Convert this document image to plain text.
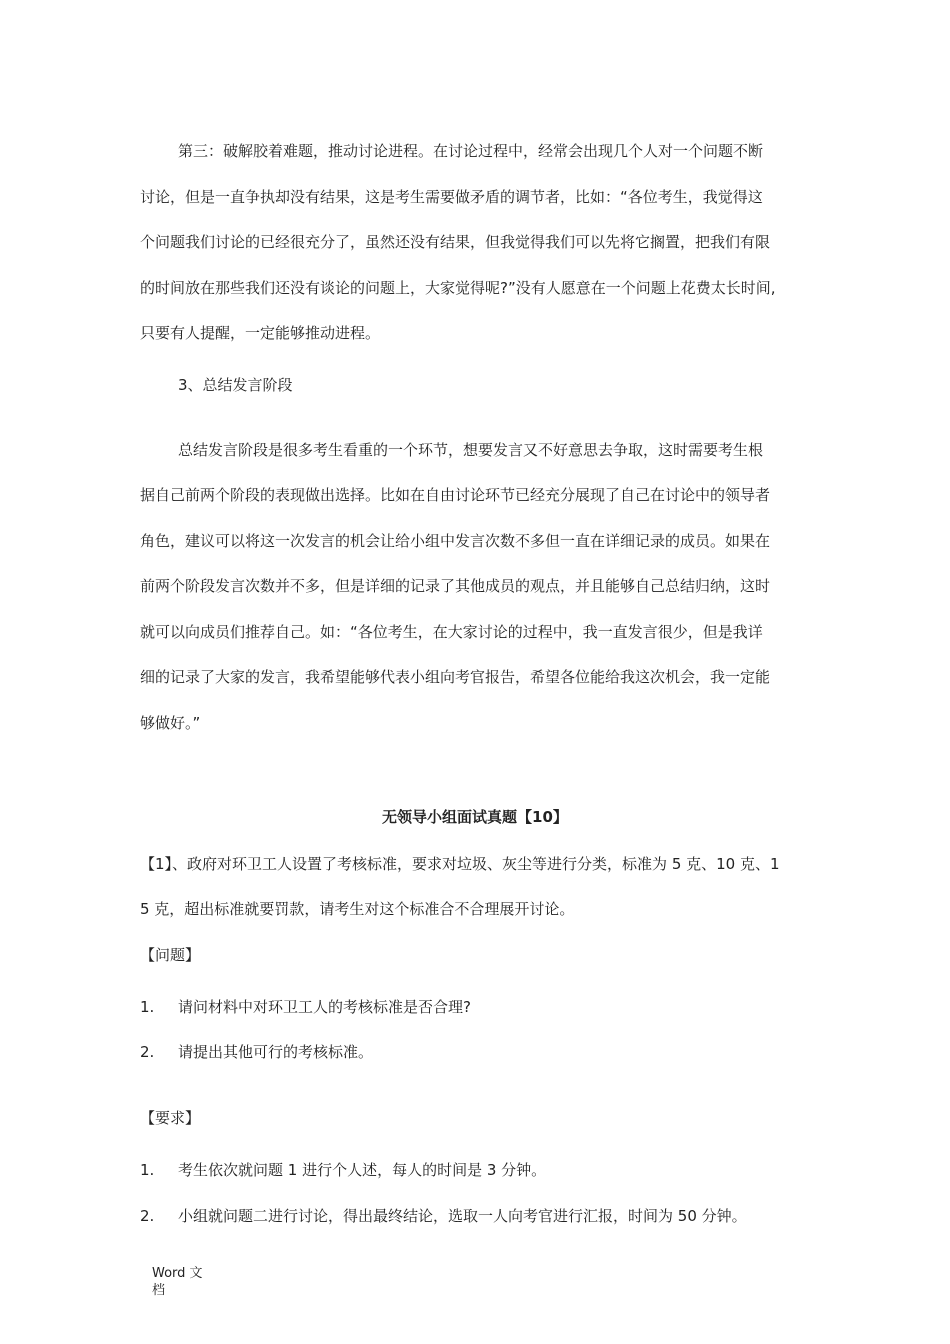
第三：破解胶着难题，推动讨论进程。在讨论过程中，经常会出现几个人对一个问题不断
讨论，但是一直争执却没有结果，这是考生需要做矛盾的调节者，比如：“各位考生，我觉得这
个问题我们讨论的已经很充分了，虽然还没有结果，但我觉得我们可以先将它搁置，把我们有限
的时间放在那些我们还没有谈论的问题上，大家觉得呢?”没有人愿意在一个问题上花费太长时间,
只要有人提醒，一定能够推动进程。
3、总结发言阶段
总结发言阶段是很多考生看重的一个环节，想要发言又不好意思去争取，这时需要考生根
据自己前两个阶段的表现做出选择。比如在自由讨论环节已经充分展现了自己在讨论中的领导者
角色，建议可以将这一次发言的机会让给小组中发言次数不多但一直在详细记录的成员。如果在
前两个阶段发言次数并不多，但是详细的记录了其他成员的观点，并且能够自己总结归纳，这时
就可以向成员们推荐自己。如：“各位考生，在大家讨论的过程中，我一直发言很少，但是我详
细的记录了大家的发言，我希望能够代表小组向考官报告，希望各位能给我这次机会，我一定能
够做好。”
无领导小组面试真题【10】
【1】、政府对环卫工人设置了考核标准，要求对垃圾、灰尘等进行分类，标准为 5 克、10 克、1
5 克，超出标准就要罚款，请考生对这个标准合不合理展开讨论。
【问题】
1. 请问材料中对环卫工人的考核标准是否合理?
2. 请提出其他可行的考核标准。
【要求】
1. 考生依次就问题 1 进行个人述，每人的时间是 3 分钟。
2. 小组就问题二进行讨论，得出最终结论，选取一人向考官进行汇报，时间为 50 分钟。
Word 文
档
